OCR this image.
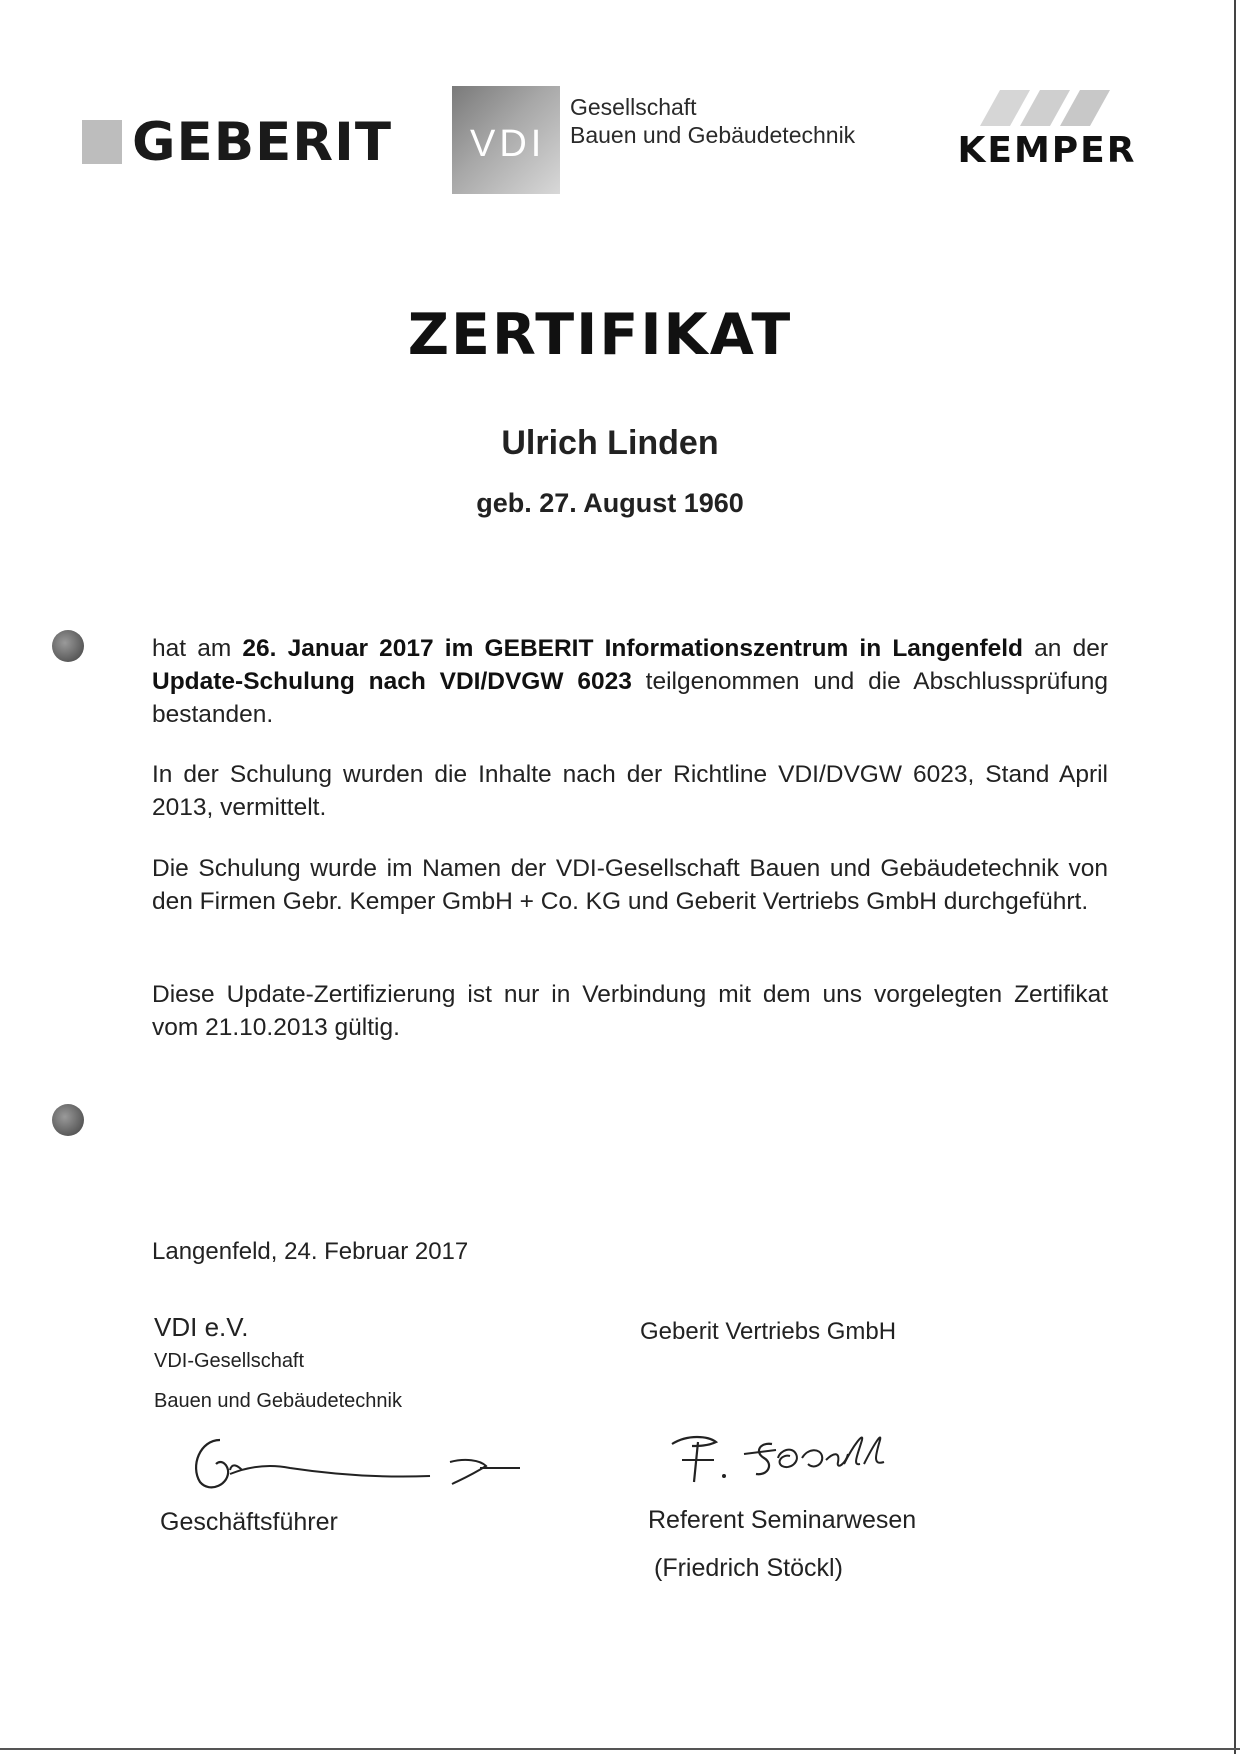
GEBERIT VDI
Gesellschaft
Bauen und Gebäudetechnik	KEMPER
ZERTIFIKAT
Ulrich Linden
geb. 27. August 1960
hat am 26. Januar 2017 im GEBERIT Informationszentrum in Langenfeld an der Update-Schulung nach VDI/DVGW 6023 teilgenommen und die Abschlussprüfung bestanden.
In der Schulung wurden die Inhalte nach der Richtline VDI/DVGW 6023, Stand April 2013, vermittelt.
Die Schulung wurde im Namen der VDI-Gesellschaft Bauen und Gebäudetechnik von den Firmen Gebr. Kemper GmbH + Co. KG und Geberit Vertriebs GmbH durchgeführt.
Diese Update-Zertifizierung ist nur in Verbindung mit dem uns vorgelegten Zertifikat vom 21.10.2013 gültig.
Langenfeld, 24. Februar 2017
VDI e.V.
VDI-Gesellschaft
Bauen und Gebäudetechnik
Geschäftsführer
Geberit Vertriebs GmbH
Referent Seminarwesen
(Friedrich Stöckl)
